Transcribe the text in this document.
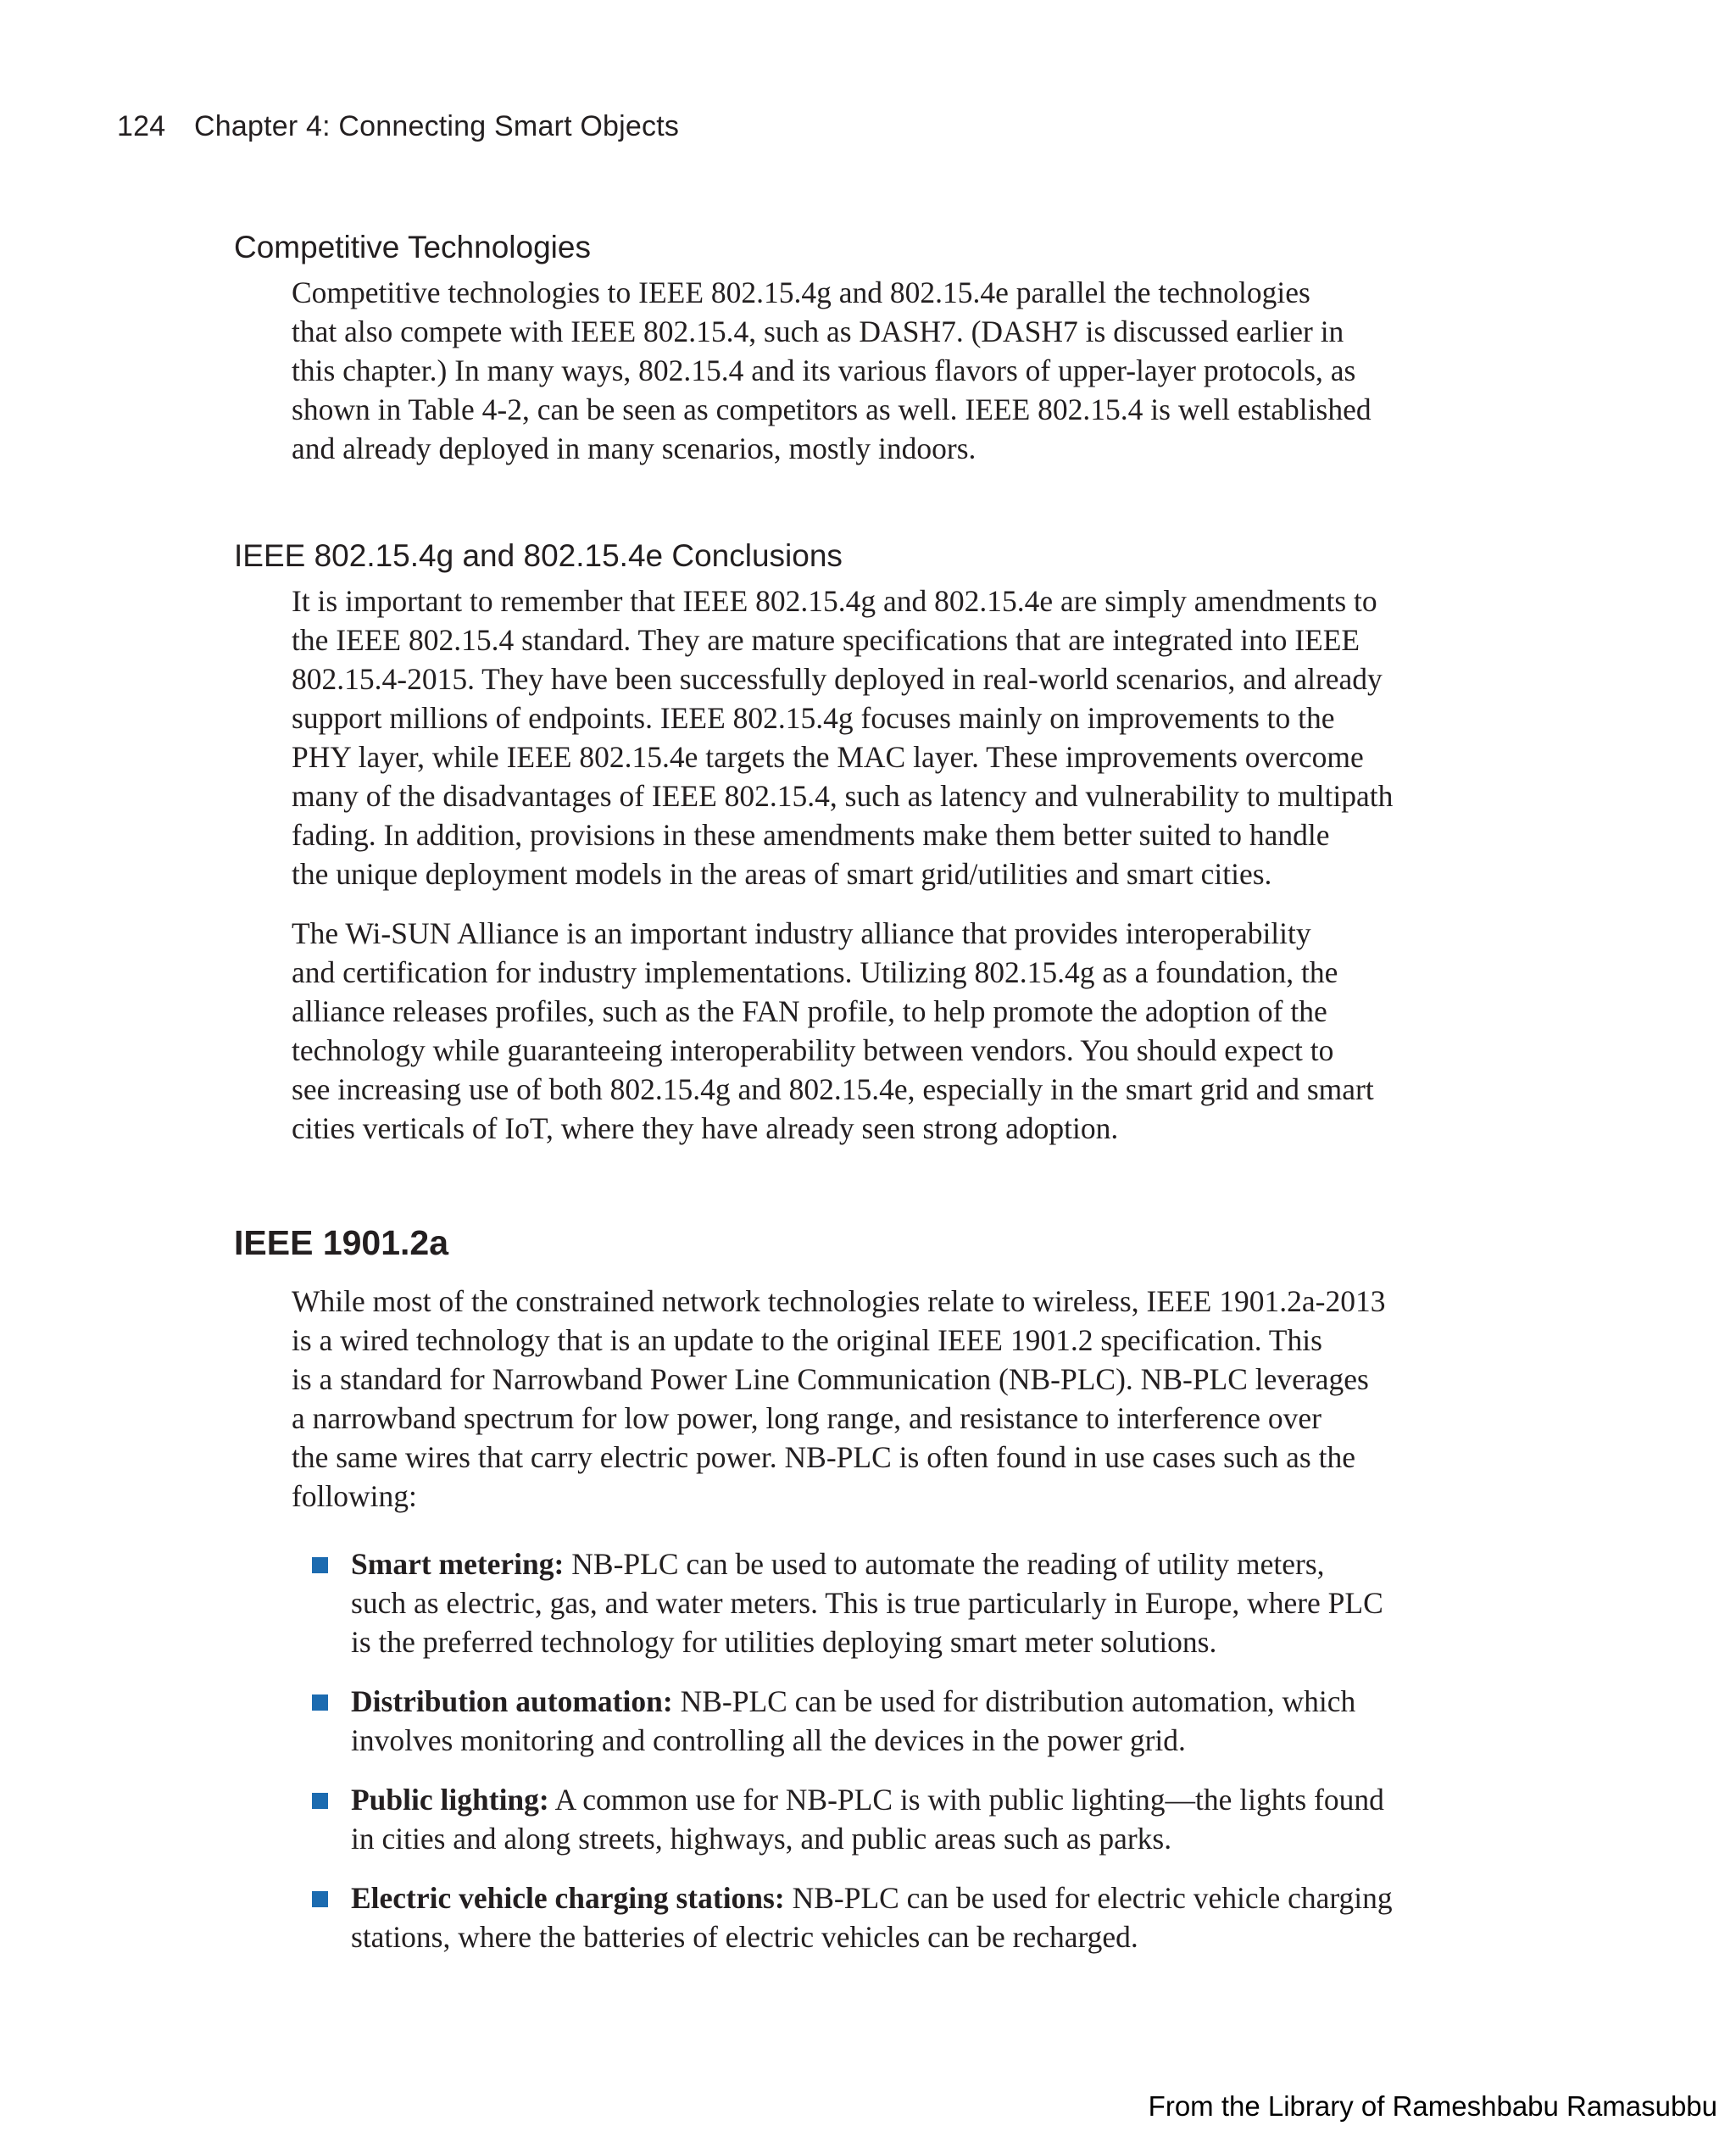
124 Chapter 4: Connecting Smart Objects
Competitive Technologies

Competitive technologies to IEEE 802.15.4g and 802.15.4e parallel the technologies
that also compete with IEEE 802.15.4, such as DASH7. (DASH7 is discussed earlier in
this chapter.) In many ways, 802.15.4 and its various flavors of upper-layer protocols, as
shown in Table 4-2, can be seen as competitors as well. IEEE 802.15.4 is well established
and already deployed in many scenarios, mostly indoors.

IEEE 802.15.4g and 802.15.4e Conclusions

It is important to remember that IEEE 802.15.4g and 802.15.4e are simply amendments to
the IEEE 802.15.4 standard. They are mature specifications that are integrated into IEEE
802.15.4-2015. They have been successfully deployed in real-world scenarios, and already
support millions of endpoints. IEEE 802.15.4g focuses mainly on improvements to the
PHY layer, while IEEE 802.15.4e targets the MAC layer. These improvements overcome
many of the disadvantages of IEEE 802.15.4, such as latency and vulnerability to multipath
fading. In addition, provisions in these amendments make them better suited to handle
the unique deployment models in the areas of smart grid/utilities and smart cities.

The Wi-SUN Alliance is an important industry alliance that provides interoperability
and certification for industry implementations. Utilizing 802.15.4g as a foundation, the
alliance releases profiles, such as the FAN profile, to help promote the adoption of the
technology while guaranteeing interoperability between vendors. You should expect to
see increasing use of both 802.15.4g and 802.15.4e, especially in the smart grid and smart
cities verticals of IoT, where they have already seen strong adoption.

IEEE 1901.2a

While most of the constrained network technologies relate to wireless, IEEE 1901.2a-2013
is a wired technology that is an update to the original IEEE 1901.2 specification. This
is a standard for Narrowband Power Line Communication (NB-PLC). NB-PLC leverages
a narrowband spectrum for low power, long range, and resistance to interference over
the same wires that carry electric power. NB-PLC is often found in use cases such as the
following:

Smart metering: NB-PLC can be used to automate the reading of utility meters,
such as electric, gas, and water meters. This is true particularly in Europe, where PLC
is the preferred technology for utilities deploying smart meter solutions.
Distribution automation: NB-PLC can be used for distribution automation, which
involves monitoring and controlling all the devices in the power grid.
Public lighting: A common use for NB-PLC is with public lighting—the lights found
in cities and along streets, highways, and public areas such as parks.
Electric vehicle charging stations: NB-PLC can be used for electric vehicle charging
stations, where the batteries of electric vehicles can be recharged.
From the Library of Rameshbabu Ramasubbu
